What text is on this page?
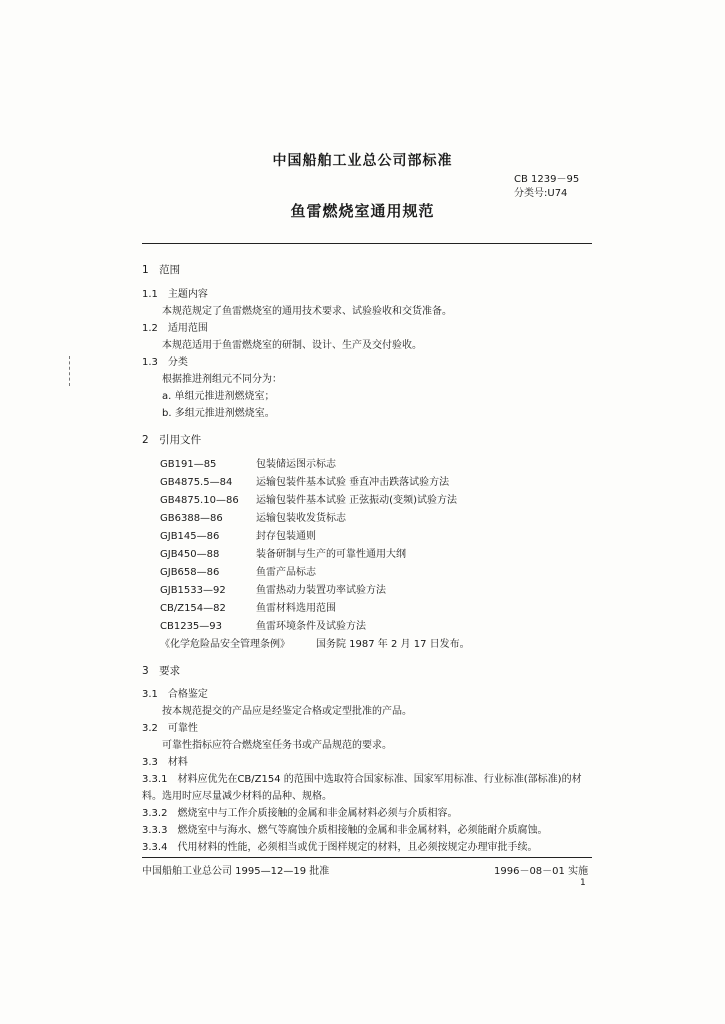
中国船舶工业总公司部标准
CB 1239－95
分类号:U74
鱼雷燃烧室通用规范
1　范围
1.1　主题内容
本规范规定了鱼雷燃烧室的通用技术要求、试验验收和交货准备。
1.2　适用范围
本规范适用于鱼雷燃烧室的研制、设计、生产及交付验收。
1.3　分类
根据推进剂组元不同分为：
a. 单组元推进剂燃烧室；
b. 多组元推进剂燃烧室。
2　引用文件
GB191—85	包装储运图示标志
GB4875.5—84 运输包装件基本试验 垂直冲击跌落试验方法
GB4875.10—86 运输包装件基本试验 正弦振动(变频)试验方法
GB6388—86	运输包装收发货标志
GJB145—86	封存包装通则
GJB450—88	装备研制与生产的可靠性通用大纲
GJB658—86	鱼雷产品标志
GJB1533—92	鱼雷热动力装置功率试验方法
CB/Z154—82	鱼雷材料选用范围
CB1235—93	鱼雷环境条件及试验方法
《化学危险品安全管理条例》	国务院 1987 年 2 月 17 日发布。
3　要求
3.1　合格鉴定
按本规范提交的产品应是经鉴定合格或定型批准的产品。
3.2　可靠性
可靠性指标应符合燃烧室任务书或产品规范的要求。
3.3　材料
3.3.1　材料应优先在CB/Z154 的范围中选取符合国家标准、国家军用标准、行业标准(部标准)的材
料。选用时应尽量减少材料的品种、规格。
3.3.2　燃烧室中与工作介质接触的金属和非金属材料必须与介质相容。
3.3.3　燃烧室中与海水、燃气等腐蚀介质相接触的金属和非金属材料，必须能耐介质腐蚀。
3.3.4　代用材料的性能，必须相当或优于图样规定的材料，且必须按规定办理审批手续。
中国船舶工业总公司 1995—12—19 批准	1996－08－01 实施
1
